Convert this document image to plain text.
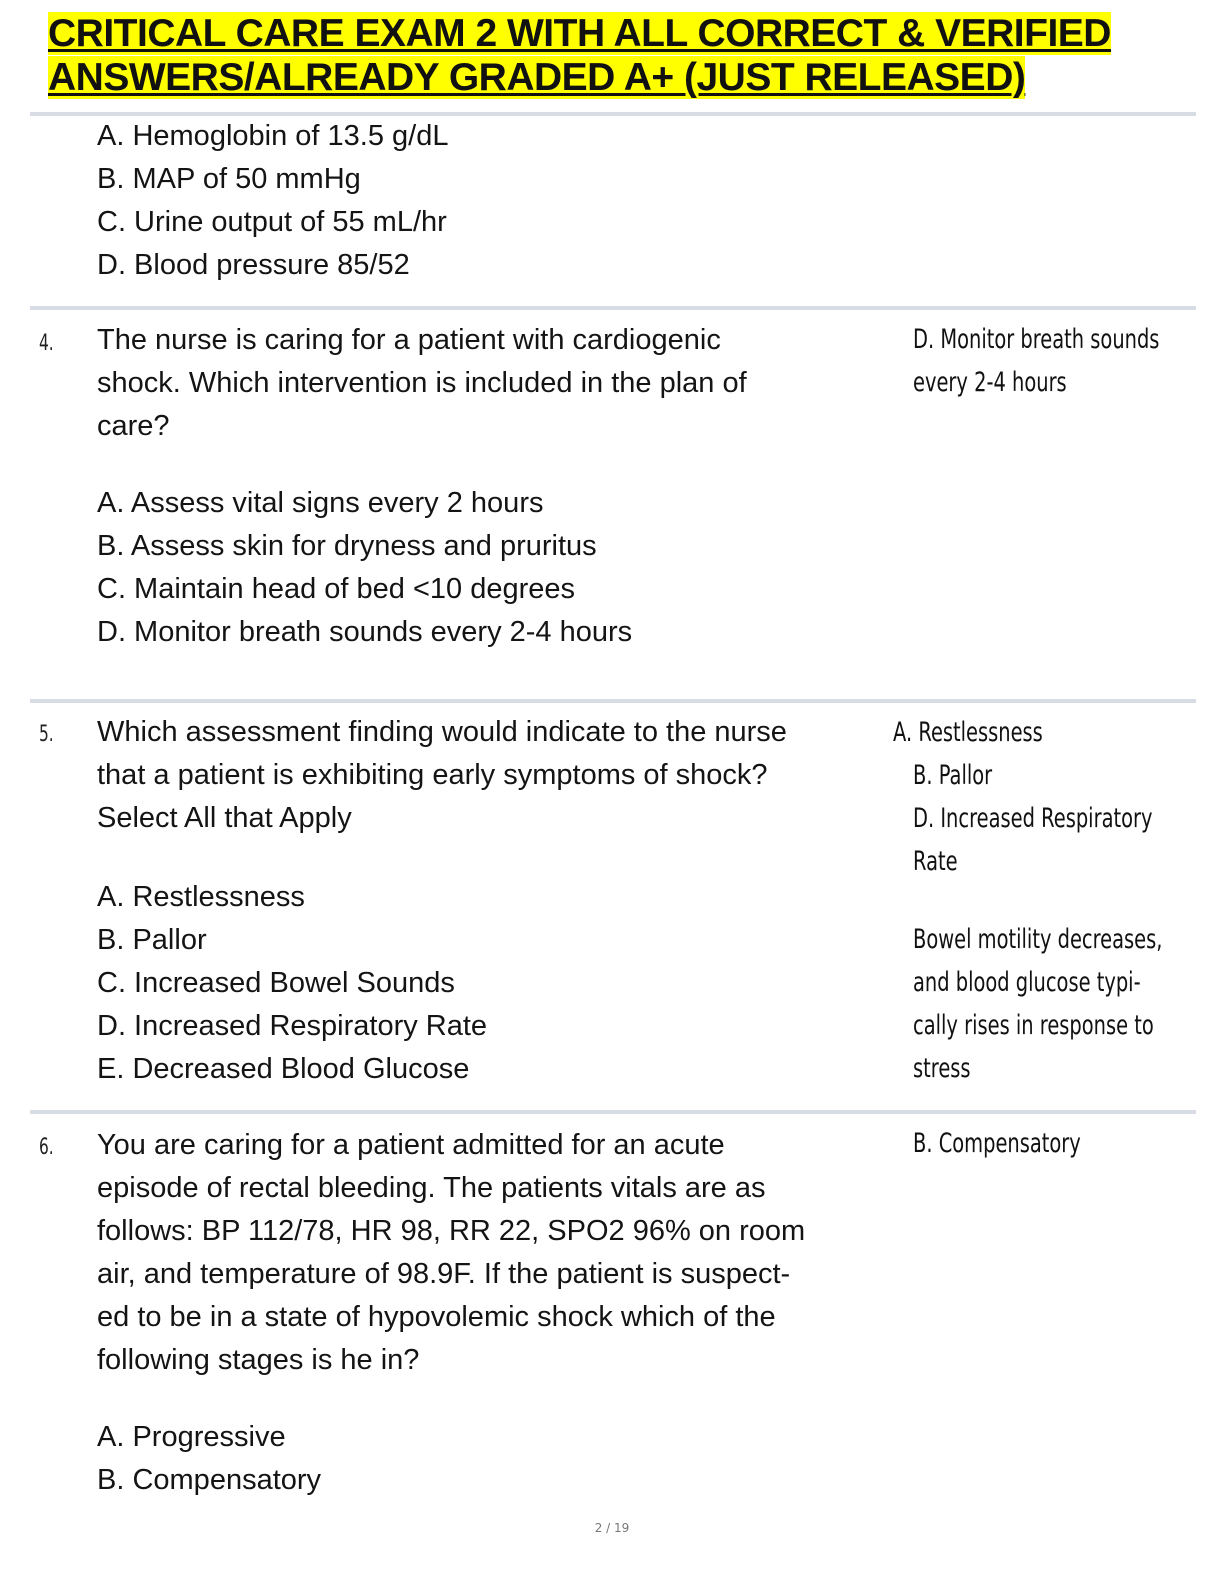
CRITICAL CARE EXAM 2 WITH ALL CORRECT & VERIFIED
ANSWERS/ALREADY GRADED A+ (JUST RELEASED)
A. Hemoglobin of 13.5 g/dL
B. MAP of 50 mmHg
C. Urine output of 55 mL/hr
D. Blood pressure 85/52
4. The nurse is caring for a patient with cardiogenic
shock. Which intervention is included in the plan of
care?
A. Assess vital signs every 2 hours
B. Assess skin for dryness and pruritus
C. Maintain head of bed <10 degrees
D. Monitor breath sounds every 2-4 hours
D. Monitor breath sounds
every 2-4 hours
5. Which assessment finding would indicate to the nurse
that a patient is exhibiting early symptoms of shock?
Select All that Apply
A. Restlessness
B. Pallor
C. Increased Bowel Sounds
D. Increased Respiratory Rate
E. Decreased Blood Glucose
A. Restlessness
B. Pallor
D. Increased Respiratory
Rate
Bowel motility decreases,
and blood glucose typi-
cally rises in response to
stress
6. You are caring for a patient admitted for an acute
episode of rectal bleeding. The patients vitals are as
follows: BP 112/78, HR 98, RR 22, SPO2 96% on room
air, and temperature of 98.9F. If the patient is suspect-
ed to be in a state of hypovolemic shock which of the
following stages is he in?
A. Progressive
B. Compensatory
B. Compensatory
2 / 19
